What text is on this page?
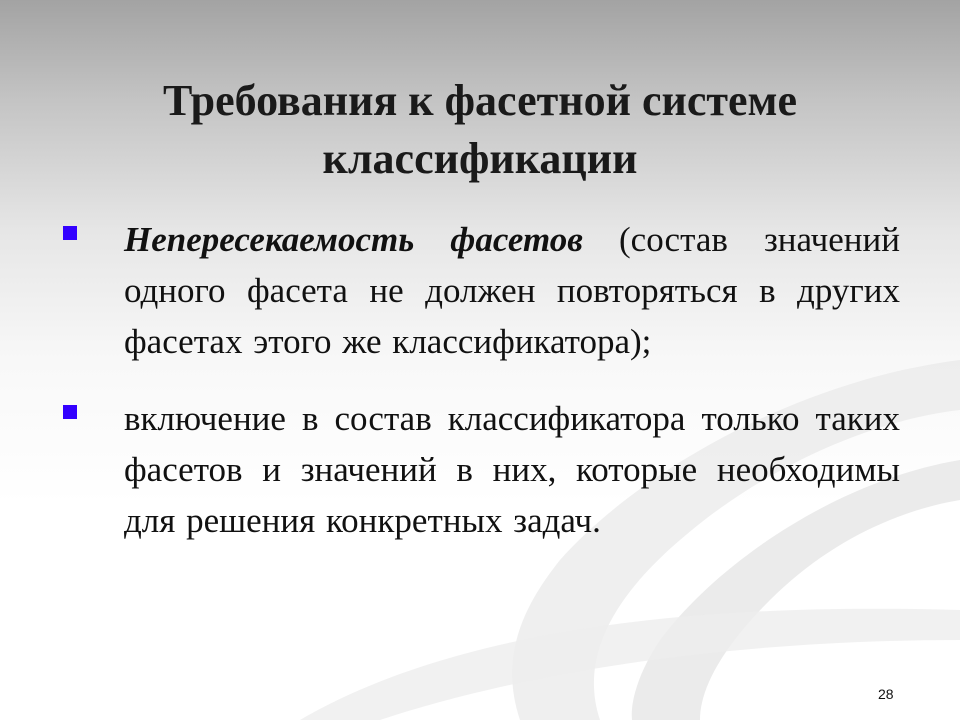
Требования к фасетной системе классификации
Непересекаемость фасетов (состав значений одного фасета не должен повторяться в других фасетах этого же классификатора);
включение в состав классификатора только таких фасетов и значений в них, которые необходимы для решения конкретных задач.
28
